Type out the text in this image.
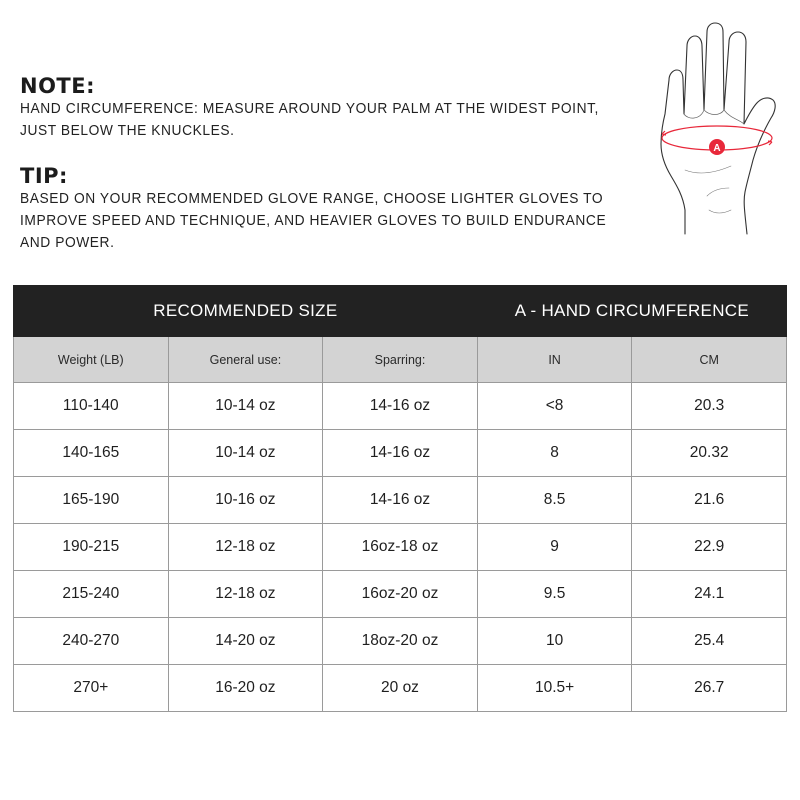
NOTE:
HAND CIRCUMFERENCE: MEASURE AROUND YOUR PALM AT THE WIDEST POINT, JUST BELOW THE KNUCKLES.
TIP:
BASED ON YOUR RECOMMENDED GLOVE RANGE, CHOOSE LIGHTER GLOVES TO IMPROVE SPEED AND TECHNIQUE, AND HEAVIER GLOVES TO BUILD ENDURANCE AND POWER.
A
RECOMMENDED SIZE			A - HAND CIRCUMFERENCE	
Weight (LB)	General use:	Sparring:	IN	CM
110-140	10-14 oz	14-16 oz	<8	20.3
140-165	10-14 oz	14-16 oz	8	20.32
165-190	10-16 oz	14-16 oz	8.5	21.6
190-215	12-18 oz	16oz-18 oz	9	22.9
215-240	12-18 oz	16oz-20 oz	9.5	24.1
240-270	14-20 oz	18oz-20 oz	10	25.4
270+	16-20 oz	20 oz	10.5+	26.7
